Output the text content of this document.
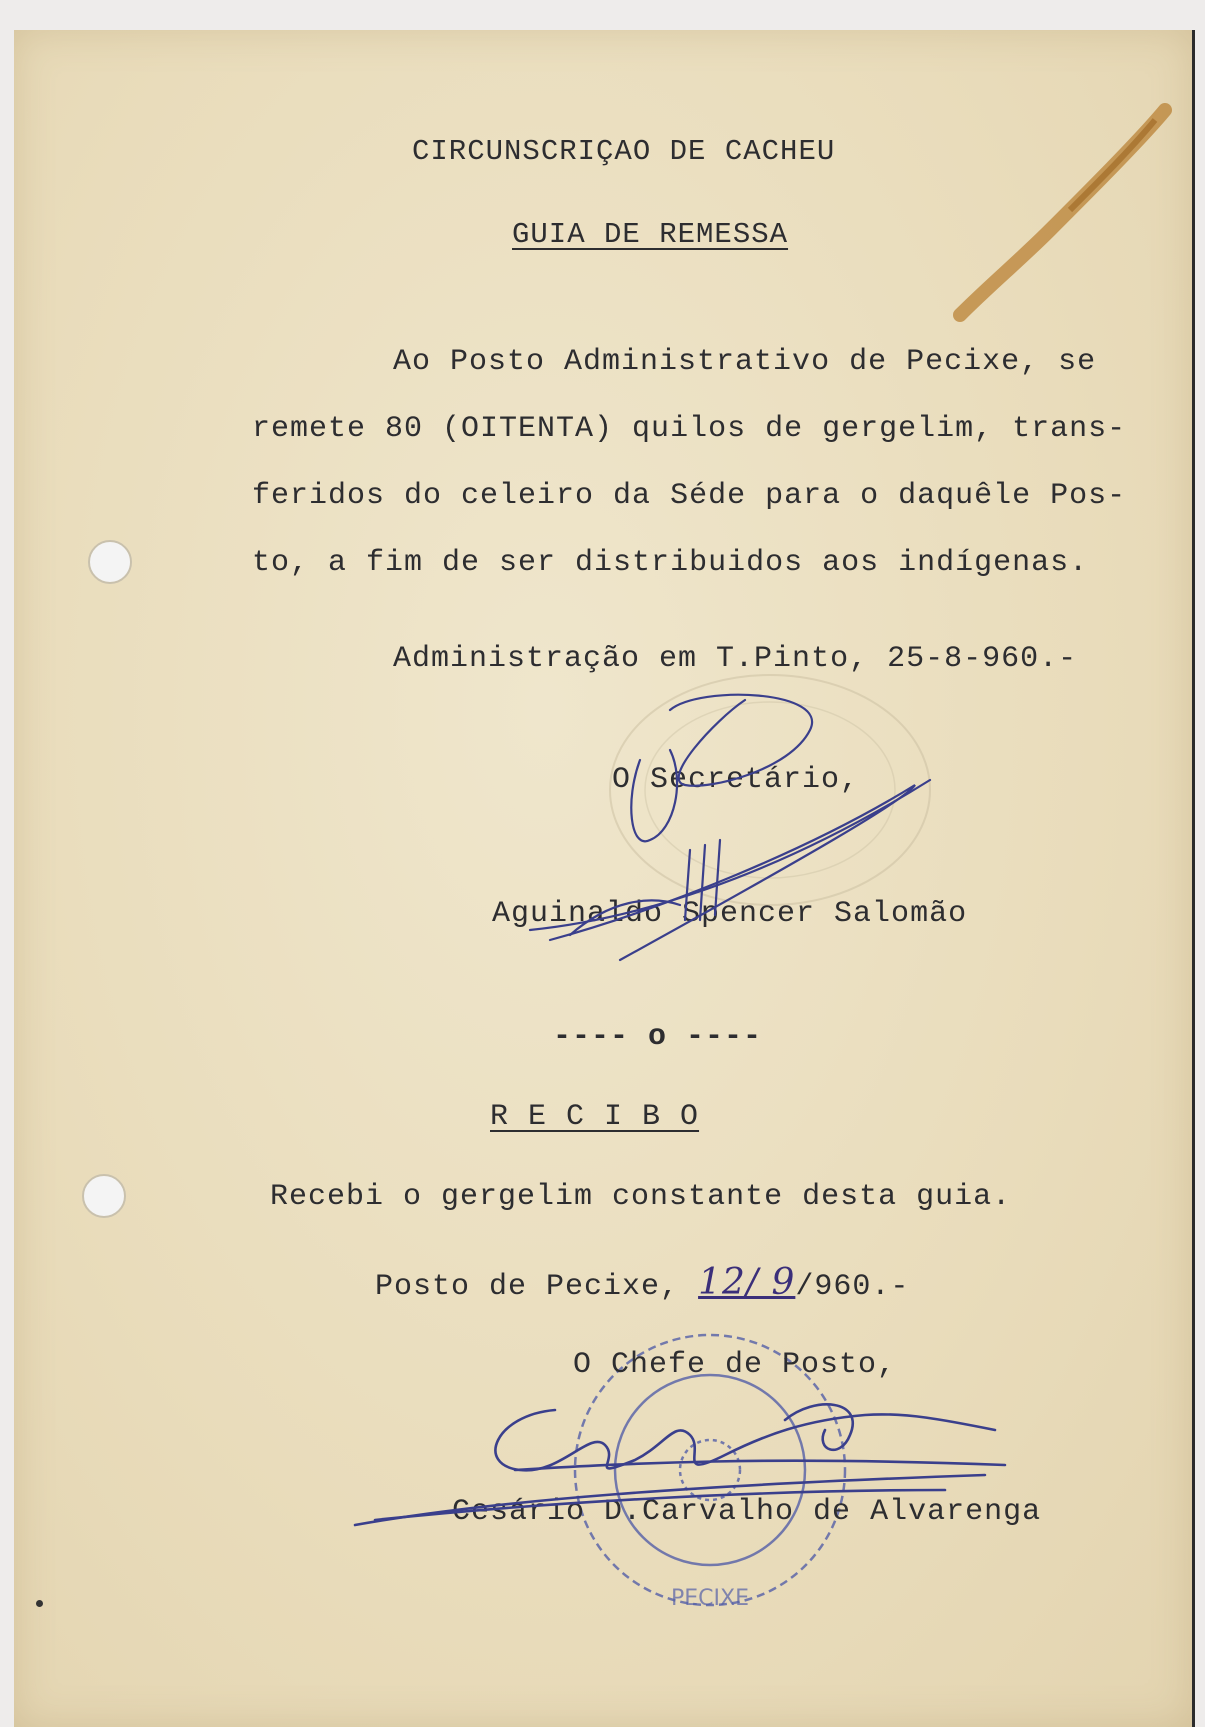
CIRCUNSCRIÇAO DE CACHEU
GUIA DE REMESSA
Ao Posto Administrativo de Pecixe, se
remete 80 (OITENTA) quilos de gergelim, trans-
feridos do celeiro da Séde para o daquêle Pos-
to, a fim de ser distribuidos aos indígenas.
Administração em T.Pinto, 25-8-960.-
O Secretário,
Aguinaldo Spencer Salomão
---- o ----
R E C I B O
Recebi o gergelim constante desta guia.
Posto de Pecixe, 12/ 9/960.-
PECIXE
O Chefe de Posto,
Cesário D.Carvalho de Alvarenga
